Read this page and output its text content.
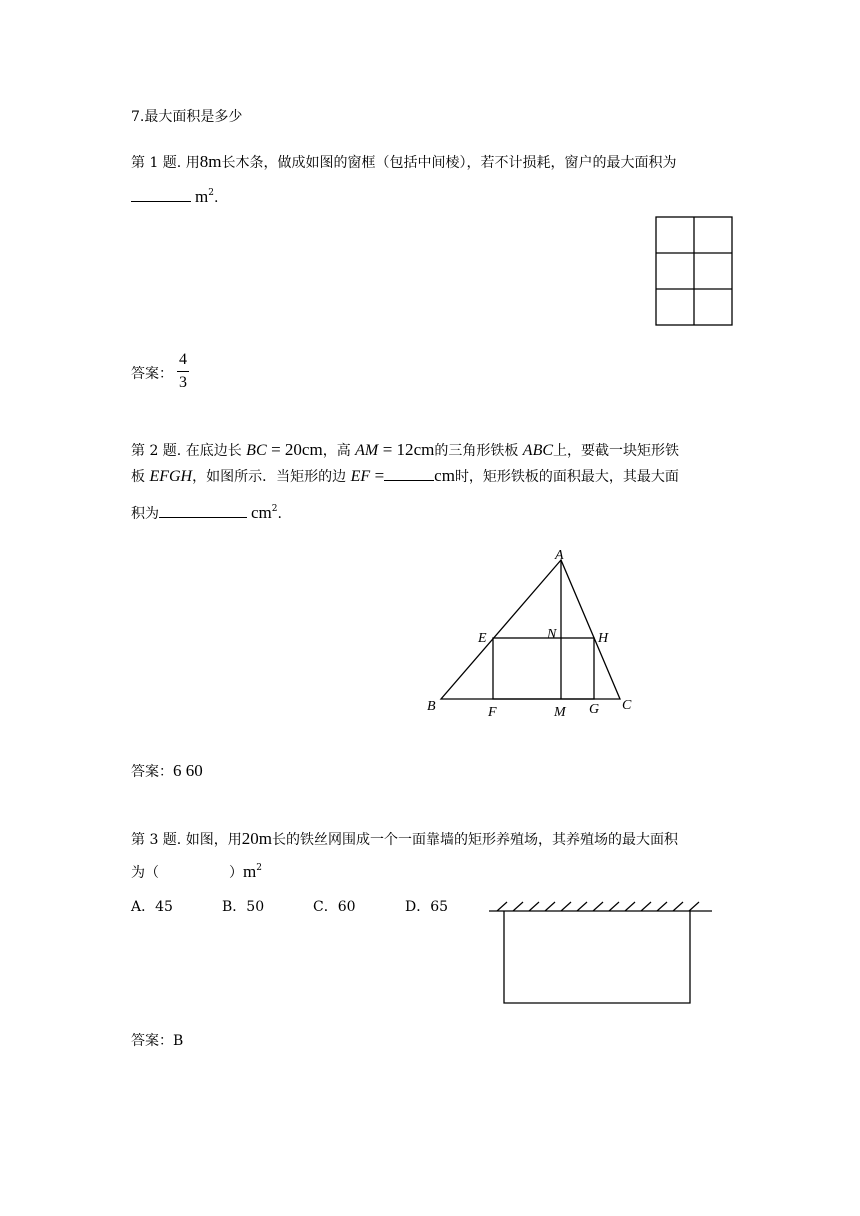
7.最大面积是多少
第 1 题. 用8m长木条，做成如图的窗框（包括中间棱），若不计损耗，窗户的最大面积为
$m^2$.
答案：
4
3
第 2 题. 在底边长 BC = 20cm，高 AM = 12cm的三角形铁板 ABC上，要截一块矩形铁
板 EFGH，如图所示．当矩形的边 EF =	cm时，矩形铁板的面积最大，其最大面
积为	$cm^2$.
A
B	C
E	N	H
F	M G
答案：6 60
第 3 题. 如图，用20m长的铁丝网围成一个一面靠墙的矩形养殖场，其养殖场的最大面积
为（	）$m^2$
A．45	B．50	C．60	D．65
答案：B
